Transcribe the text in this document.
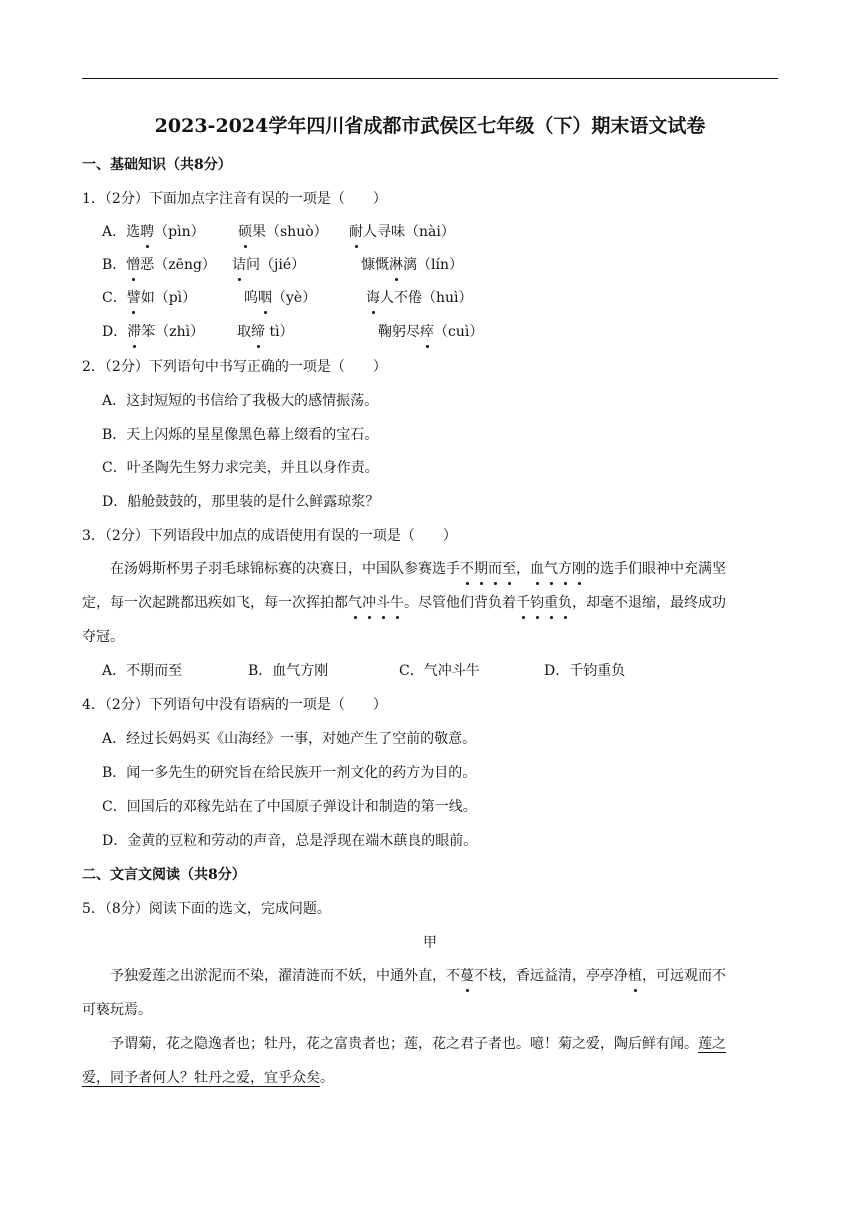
2023-2024学年四川省成都市武侯区七年级（下）期末语文试卷
一、基础知识（共8分）
1．（2分）下面加点字注音有误的一项是（　　）
A．选聘（pìn） 硕果（shuò） 耐人寻味（nài）
B．憎恶（zēng） 诘问（jié）	慷慨淋漓（lín）
C．譬如（pì）	呜咽（yè）	诲人不倦（huì）
D．滞笨（zhì） 取缔 tì）	鞠躬尽瘁（cuì）
2．（2分）下列语句中书写正确的一项是（　　）
A．这封短短的书信给了我极大的感情振荡。
B．天上闪烁的星星像黑色幕上缀看的宝石。
C．叶圣陶先生努力求完美，并且以身作责。
D．船舱鼓鼓的，那里装的是什么鲜露琼浆？
3．（2分）下列语段中加点的成语使用有误的一项是（　　）
在汤姆斯杯男子羽毛球锦标赛的决赛日，中国队参赛选手不期而至，血气方刚的选手们眼神中充满坚
定，每一次起跳都迅疾如飞，每一次挥拍都气冲斗牛。尽管他们背负着千钧重负，却毫不退缩，最终成功
夺冠。
A．不期而至	B．血气方刚	C．气冲斗牛	D．千钧重负
4．（2分）下列语句中没有语病的一项是（　　）
A．经过长妈妈买《山海经》一事，对她产生了空前的敬意。
B．闻一多先生的研究旨在给民族开一剂文化的药方为目的。
C．回国后的邓稼先站在了中国原子弹设计和制造的第一线。
D．金黄的豆粒和劳动的声音，总是浮现在端木蕻良的眼前。
二、文言文阅读（共8分）
5．（8分）阅读下面的选文，完成问题。
甲
予独爱莲之出淤泥而不染，濯清涟而不妖，中通外直，不蔓不枝，香远益清，亭亭净植，可远观而不
可亵玩焉。
予谓菊，花之隐逸者也；牡丹，花之富贵者也；莲，花之君子者也。噫！菊之爱，陶后鲜有闻。莲之
爱，同予者何人？牡丹之爱，宜乎众矣。
